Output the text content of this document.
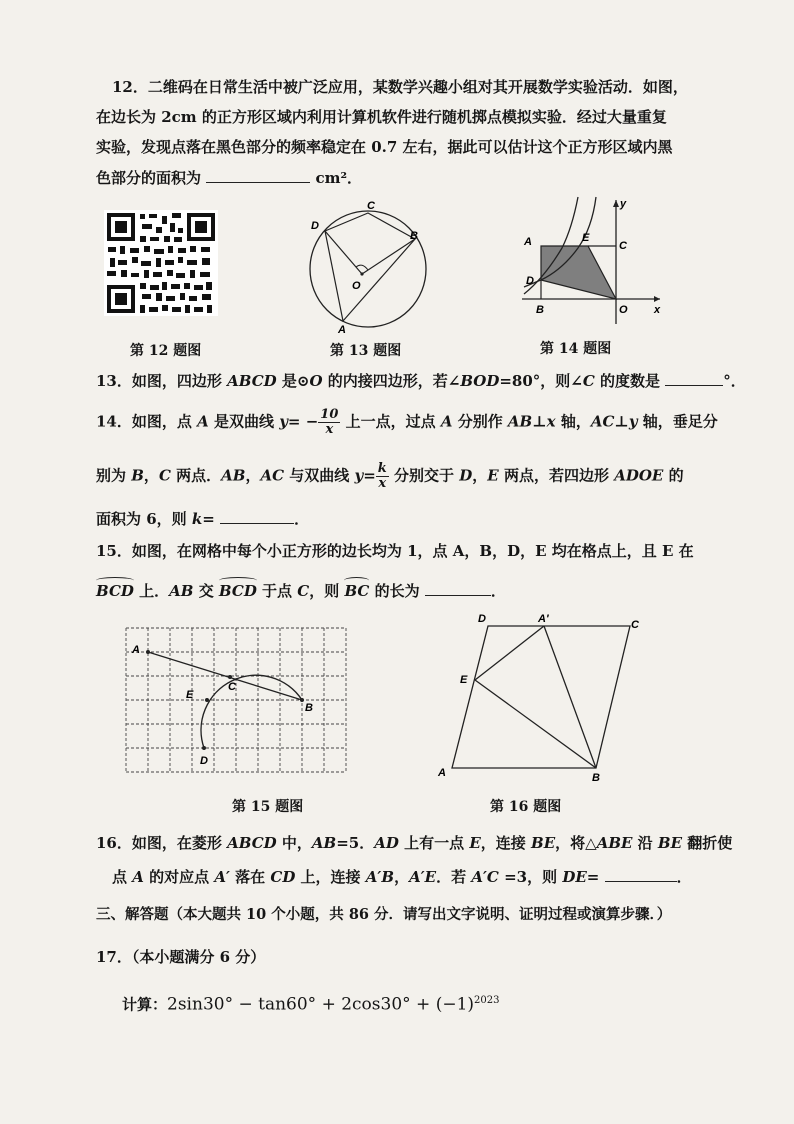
12．二维码在日常生活中被广泛应用，某数学兴趣小组对其开展数学实验活动．如图，
在边长为 2cm 的正方形区域内利用计算机软件进行随机掷点模拟实验．经过大量重复
实验，发现点落在黑色部分的频率稳定在 0.7 左右，据此可以估计这个正方形区域内黑
色部分的面积为	cm²．
D
C
B
O
A
A	E
C
D
B	O x
y
第 12 题图	第 13 题图	第 14 题图
13．如图，四边形 ABCD 是⊙O 的内接四边形，若∠BOD=80°，则∠C 的度数是	°．
14．如图，点 A 是双曲线 $y= - \frac{10}{x}$ 上一点，过点 A 分别作 AB⊥x 轴，AC⊥y 轴，垂足分
别为 B，C 两点．AB，AC 与双曲线 $y= \frac{k}{x}$ 分别交于 D，E 两点，若四边形 ADOE 的
面积为 6，则 k=	．
15．如图，在网格中每个小正方形的边长均为 1，点 A，B，D，E 均在格点上，且 E 在
BCD 上．AB 交 BCD 于点 C，则 BC 的长为	．
A
C
E
B
D
D	A′	C
E
A	B
第 15 题图	第 16 题图
16．如图，在菱形 ABCD 中，AB=5．AD 上有一点 E，连接 BE，将△ABE 沿 BE 翻折使
点 A 的对应点 A′ 落在 CD 上，连接 A′B，A′E．若 A′C =3，则 DE=	．
三、解答题（本大题共 10 个小题，共 86 分．请写出文字说明、证明过程或演算步骤．）
17．（本小题满分 6 分）
计算：$2\sin 30^\circ - \tan 60^\circ + 2\cos 30^\circ + (-1)^{2023}$
